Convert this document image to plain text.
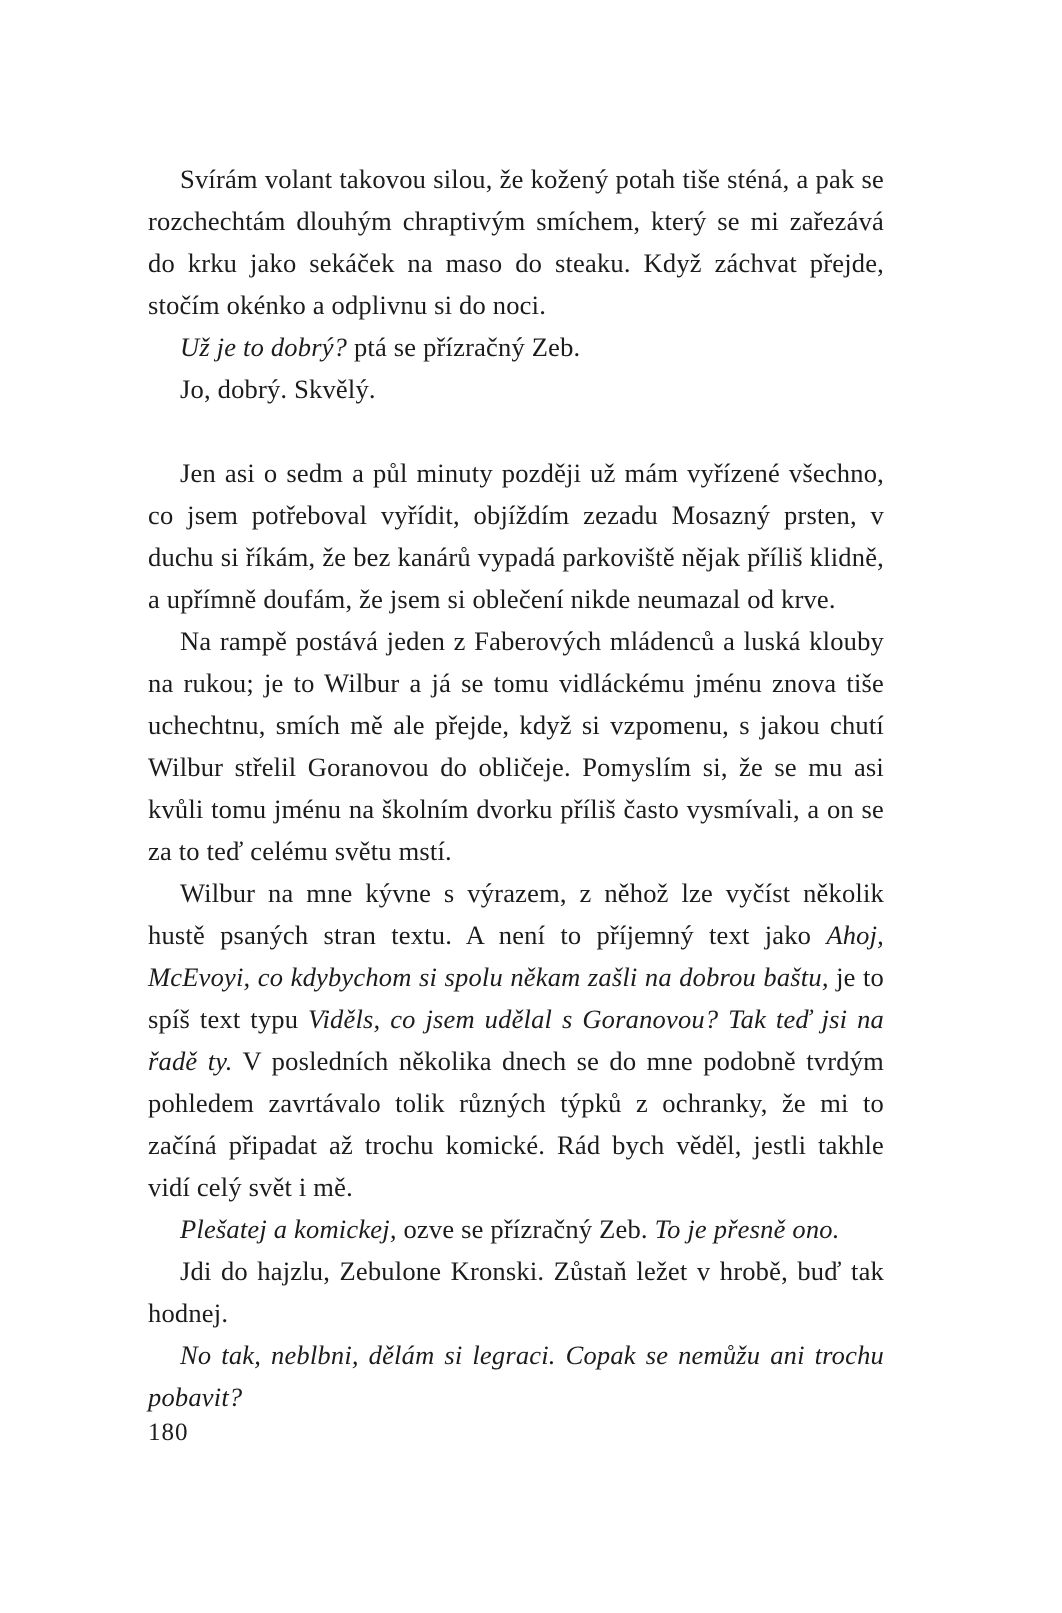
Svírám volant takovou silou, že kožený potah tiše sténá, a pak se rozchechtám dlouhým chraptivým smíchem, který se mi zařezává do krku jako sekáček na maso do steaku. Když záchvat přejde, stočím okénko a odplivnu si do noci.

Už je to dobrý? ptá se přízračný Zeb.

Jo, dobrý. Skvělý.

Jen asi o sedm a půl minuty později už mám vyřízené všechno, co jsem potřeboval vyřídit, objíždím zezadu Mosazný prsten, v duchu si říkám, že bez kanárů vypadá parkoviště nějak příliš klidně, a upřímně doufám, že jsem si oblečení nikde neumazal od krve.

Na rampě postává jeden z Faberových mládenců a luská klouby na rukou; je to Wilbur a já se tomu vidláckému jménu znova tiše uchechtnu, smích mě ale přejde, když si vzpomenu, s jakou chutí Wilbur střelil Goranovou do obličeje. Pomyslím si, že se mu asi kvůli tomu jménu na školním dvorku příliš často vysmívali, a on se za to teď celému světu mstí.

Wilbur na mne kývne s výrazem, z něhož lze vyčíst několik hustě psaných stran textu. A není to příjemný text jako Ahoj, McEvoyi, co kdybychom si spolu někam zašli na dobrou baštu, je to spíš text typu Viděls, co jsem udělal s Goranovou? Tak teď jsi na řadě ty. V posledních několika dnech se do mne podobně tvrdým pohledem zavrtávalo tolik různých týpků z ochranky, že mi to začíná připadat až trochu komické. Rád bych věděl, jestli takhle vidí celý svět i mě.

Plešatej a komickej, ozve se přízračný Zeb. To je přesně ono.

Jdi do hajzlu, Zebulone Kronski. Zůstaň ležet v hrobě, buď tak hodnej.

No tak, neblbni, dělám si legraci. Copak se nemůžu ani trochu pobavit?

180
